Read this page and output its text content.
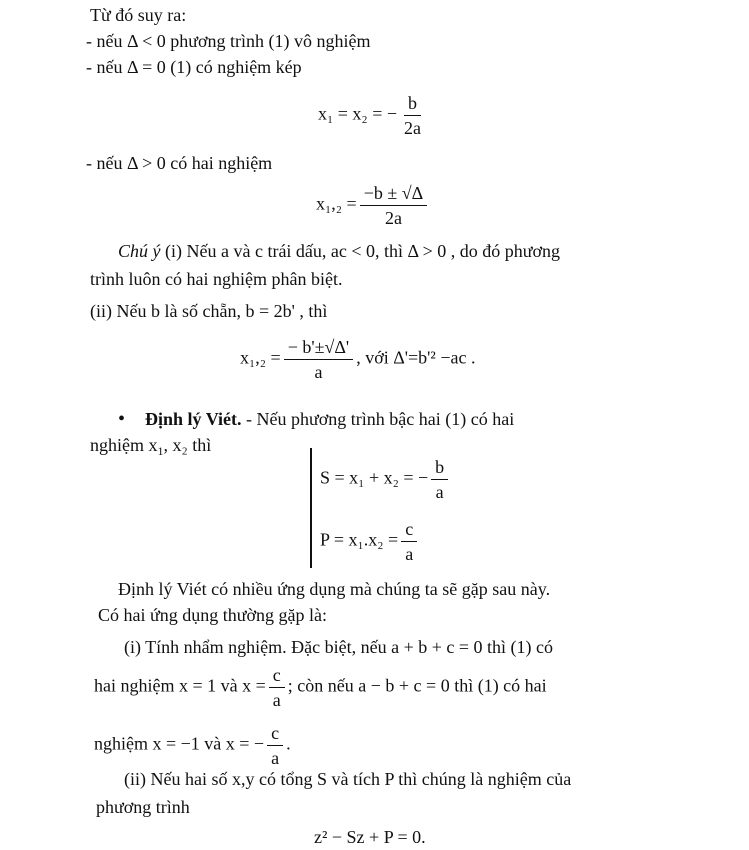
Từ đó suy ra:
- nếu Δ < 0 phương trình (1) vô nghiệm
- nếu Δ = 0 (1) có nghiệm kép
x₁ = x₂ = − $\frac{b}{2a}$
- nếu Δ > 0 có hai nghiệm
$x_1,_2 = \frac{-b \pm √\Delta}{2a}$
Chú ý (i) Nếu a và c trái dấu, ac < 0, thì Δ > 0 , do đó phương
trình luôn có hai nghiệm phân biệt.
(ii) Nếu b là số chẵn, b = 2b' , thì
$x_1,_2 = \frac{- b'\pm√\Delta'}{a}$ , với Δ'=b'² −ac .
• Định lý Viét. - Nếu phương trình bậc hai (1) có hai
nghiệm $x_1$, x₂ thì
S = x₁ + x₂ = − $\frac{b}{a}$
$P = x_1.x_2 = \frac{c}{a}$
Định lý Viét có nhiều ứng dụng mà chúng ta sẽ gặp sau này.
Có hai ứng dụng thường gặp là:
(i) Tính nhẩm nghiệm. Đặc biệt, nếu a + b + c = 0 thì (1) có
hai nghiệm x = 1 và $x = \frac{c}{a}$ ; còn nếu a − b + c = 0 thì (1) có hai
nghiệm x = −1 và x = − $\frac{c}{a}$ .
(ii) Nếu hai số x,y có tổng S và tích P thì chúng là nghiệm của
phương trình
z² − Sz + P = 0.
